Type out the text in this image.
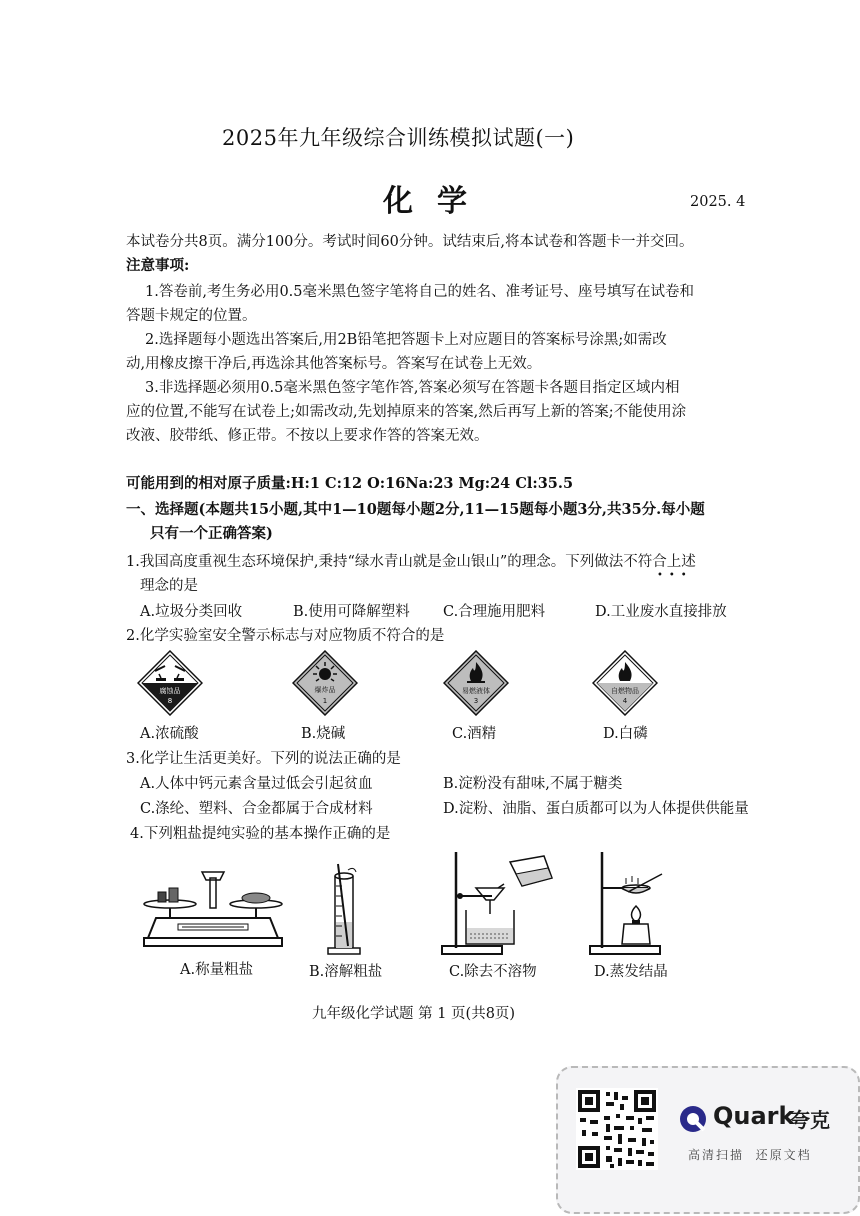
2025年九年级综合训练模拟试题(一)
化学	2025. 4
本试卷分共8页。满分100分。考试时间60分钟。试结束后,将本试卷和答题卡一并交回。
注意事项:
1.答卷前,考生务必用0.5毫米黑色签字笔将自己的姓名、准考证号、座号填写在试卷和
答题卡规定的位置。
2.选择题每小题选出答案后,用2B铅笔把答题卡上对应题目的答案标号涂黑;如需改
动,用橡皮擦干净后,再选涂其他答案标号。答案写在试卷上无效。
3.非选择题必须用0.5毫米黑色签字笔作答,答案必须写在答题卡各题目指定区域内相
应的位置,不能写在试卷上;如需改动,先划掉原来的答案,然后再写上新的答案;不能使用涂
改液、胶带纸、修正带。不按以上要求作答的答案无效。
可能用到的相对原子质量:H:1 C:12 O:16Na:23 Mg:24 Cl:35.5
一、选择题(本题共15小题,其中1—10题每小题2分,11—15题每小题3分,共35分.每小题
只有一个正确答案)
1.我国高度重视生态环境保护,秉持“绿水青山就是金山银山”的理念。下列做法不符合上述
理念的是
•••
A.垃圾分类回收	B.使用可降解塑料 C.合理施用肥料	D.工业废水直接排放
2.化学实验室安全警示标志与对应物质不符合的是
腐蚀品
8
爆炸品
1
易燃液体
3
自燃物品
4
A.浓硫酸	B.烧碱	C.酒精	D.白磷
3.化学让生活更美好。下列的说法正确的是
A.人体中钙元素含量过低会引起贫血	B.淀粉没有甜味,不属于糖类
C.涤纶、塑料、合金都属于合成材料	D.淀粉、油脂、蛋白质都可以为人体提供供能量
4.下列粗盐提纯实验的基本操作正确的是
A.称量粗盐	B.溶解粗盐	C.除去不溶物	D.蒸发结晶
九年级化学试题 第 1 页(共8页)
Quark
夸克
高清扫描  还原文档
